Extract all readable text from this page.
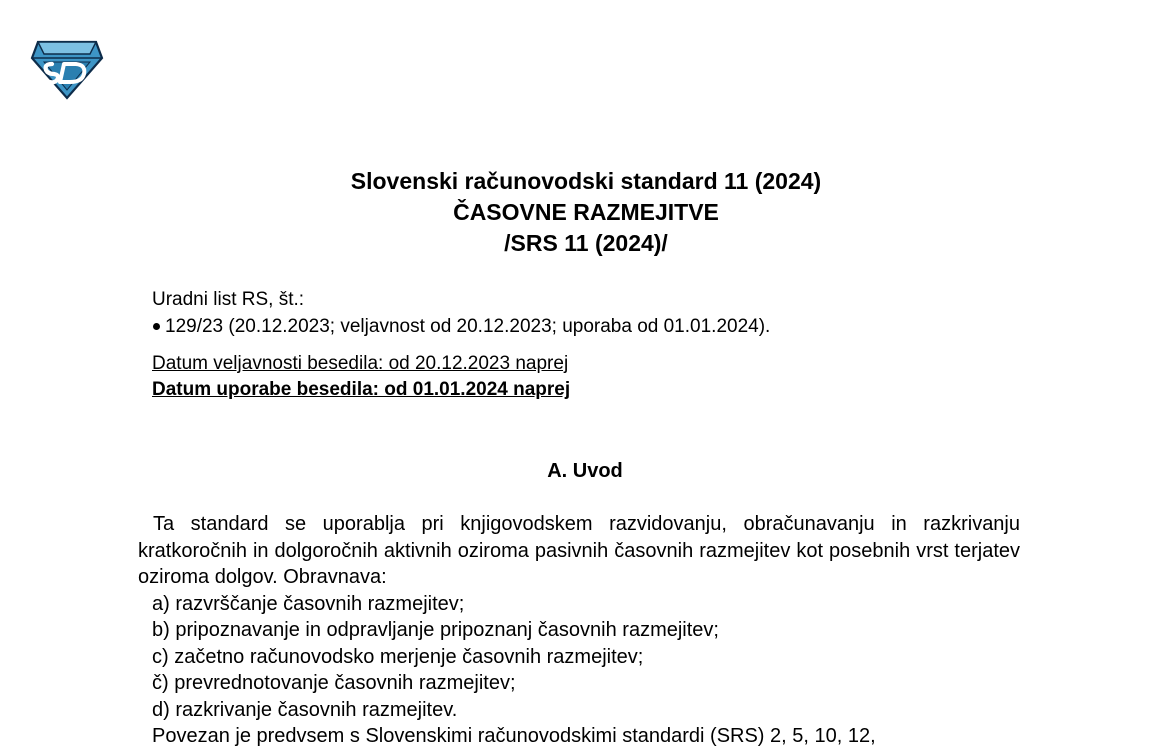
Slovenski računovodski standard 11 (2024)
ČASOVNE RAZMEJITVE
/SRS 11 (2024)/
Uradni list RS, št.:
129/23 (20.12.2023; veljavnost od 20.12.2023; uporaba od 01.01.2024).
Datum veljavnosti besedila: od 20.12.2023 naprej
Datum uporabe besedila: od 01.01.2024 naprej
A. Uvod

Ta standard se uporablja pri knjigovodskem razvidovanju, obračunavanju in razkrivanju kratkoročnih in dolgoročnih aktivnih oziroma pasivnih časovnih razmejitev kot posebnih vrst terjatev oziroma dolgov. Obravnava:

a) razvrščanje časovnih razmejitev;
b) pripoznavanje in odpravljanje pripoznanj časovnih razmejitev;
c) začetno računovodsko merjenje časovnih razmejitev;
č) prevrednotovanje časovnih razmejitev;
d) razkrivanje časovnih razmejitev.
Povezan je predvsem s Slovenskimi računovodskimi standardi (SRS) 2, 5, 10, 12,
